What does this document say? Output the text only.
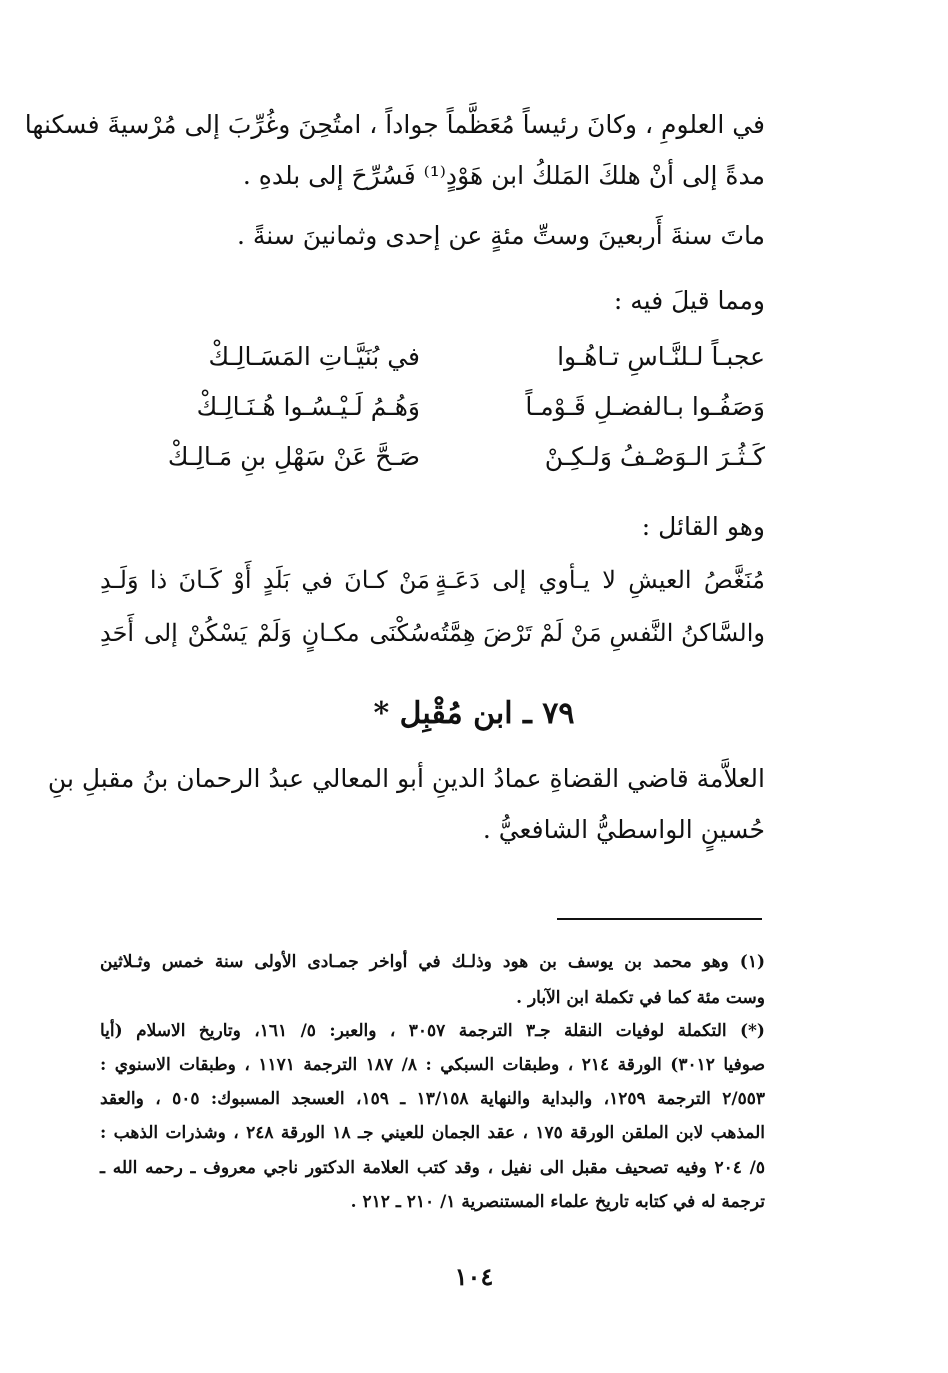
في العلومِ ، وكانَ رئيساً مُعَظَّماً جواداً ، امتُحِنَ وغُرِّبَ إلى مُرْسيةَ فسكنها
مدةً إلى أنْ هلكَ المَلكُ ابن هَوْدٍ⁽¹⁾ فَسُرِّحَ إلى بلدهِ .
ماتَ سنةَ أَربعينَ وستِّ مئةٍ عن إحدى وثمانينَ سنةً .
ومما قيلَ فيه :
عجبـاً لـلنَّـاسِ تـاهُـوا
في بُنَيَّـاتِ المَسَـالِـكْ
وَصَفُـوا بـالفضـلِ قَـوْمـاً
وَهُـمُ لَـيْـسُـوا هُـنَـالِـكْ
كَـثُـرَ الـوَصْـفُ وَلـكِـنْ
صَـحَّ عَنْ سَهْلِ بنِ مَـالِـكْ
وهو القائل :
مُنَغَّصُ العيشِ لا يـأوي إلى دَعَـةٍ
مَنْ كـانَ في بَلَدٍ أَوْ كَـانَ ذا وَلَـدِ
والسَّاكنُ النَّفسِ مَنْ لَمْ تَرْضَ هِمَّتُه
سُكْنَى مكـانٍ وَلَمْ يَسْكُنْ إلى أَحَدِ
٧٩ ـ ابن مُقْبِل *
العلاَّمة قاضي القضاةِ عمادُ الدينِ أبو المعالي عبدُ الرحمان بنُ مقبلِ بنِ
حُسينٍ الواسطيُّ الشافعيُّ .
(١) وهو محمد بن يوسف بن هود وذلـك في أواخر جمـادى الأولى سنة خمس وثـلاثين
وست مئة كما في تكملة ابن الآبار .
(*) التكملة لوفيات النقلة جـ٣ الترجمة ٣٠٥٧ ، والعبر: ٥/ ١٦١، وتاريخ الاسلام (أيا
صوفيا ٣٠١٢) الورقة ٢١٤ ، وطبقات السبكي : ٨/ ١٨٧ الترجمة ١١٧١ ، وطبقات الاسنوي :
٢/٥٥٣ الترجمة ١٢٥٩، والبداية والنهاية ١٣/١٥٨ ـ ١٥٩، العسجد المسبوك: ٥٠٥ ، والعقد
المذهب لابن الملقن الورقة ١٧٥ ، عقد الجمان للعيني جـ ١٨ الورقة ٢٤٨ ، وشذرات الذهب :
٥/ ٢٠٤ وفيه تصحيف مقبل الى نفيل ، وقد كتب العلامة الدكتور ناجي معروف ـ رحمه الله ـ
ترجمة له في كتابه تاريخ علماء المستنصرية ١/ ٢١٠ ـ ٢١٢ .
١٠٤
